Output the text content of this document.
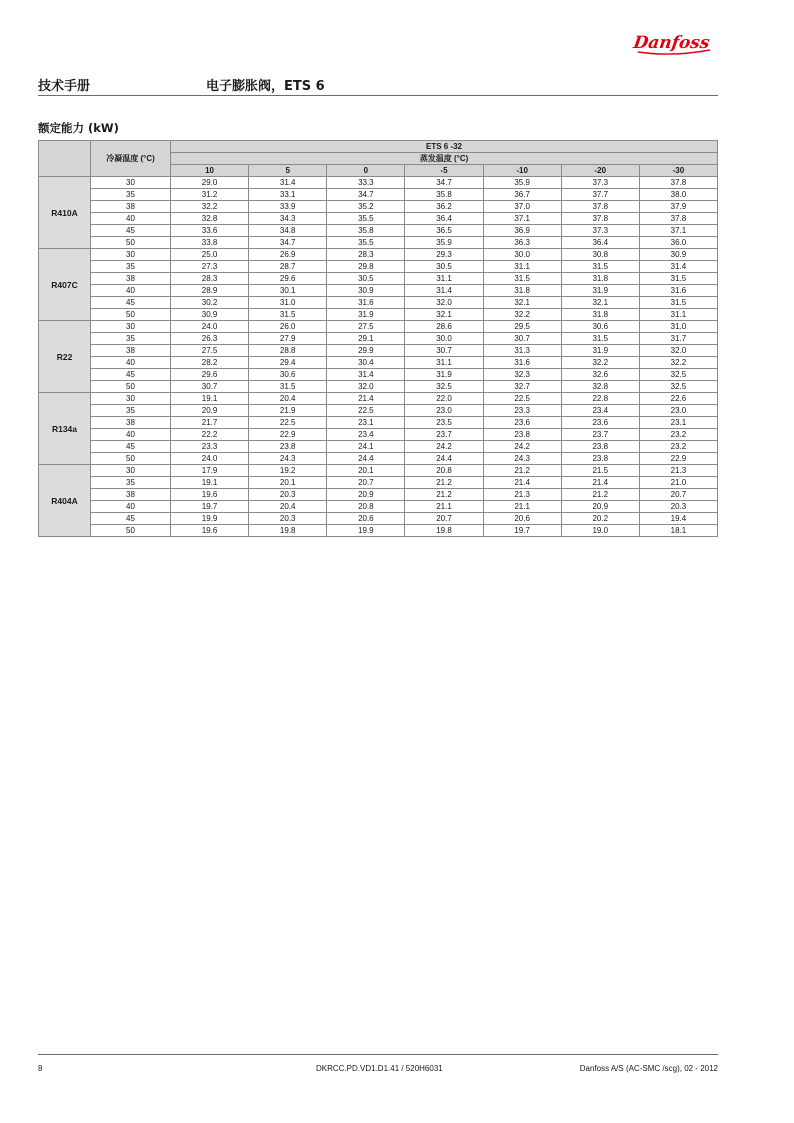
Danfoss
技术手册	电子膨胀阀，ETS 6
额定能力 (kW)
	冷凝温度 (°C)	ETS 6 -32						
		蒸发温度 (°C)						
		10	5	0	-5	-10	-20	-30
R410A	30	29.0	31.4	33.3	34.7	35.9	37.3	37.8
	35	31.2	33.1	34.7	35.8	36.7	37.7	38.0
	38	32.2	33.9	35.2	36.2	37.0	37.8	37.9
	40	32.8	34.3	35.5	36.4	37.1	37.8	37.8
	45	33.6	34.8	35.8	36.5	36.9	37.3	37.1
	50	33.8	34.7	35.5	35.9	36.3	36.4	36.0
R407C	30	25.0	26.9	28.3	29.3	30.0	30.8	30.9
	35	27.3	28.7	29.8	30.5	31.1	31.5	31.4
	38	28.3	29.6	30.5	31.1	31.5	31.8	31.5
	40	28.9	30.1	30.9	31.4	31.8	31.9	31.6
	45	30.2	31.0	31.6	32.0	32.1	32.1	31.5
	50	30.9	31.5	31.9	32.1	32.2	31.8	31.1
R22	30	24.0	26.0	27.5	28.6	29.5	30.6	31.0
	35	26.3	27.9	29.1	30.0	30.7	31.5	31.7
	38	27.5	28.8	29.9	30.7	31.3	31.9	32.0
	40	28.2	29.4	30.4	31.1	31.6	32.2	32.2
	45	29.6	30.6	31.4	31.9	32.3	32.6	32.5
	50	30.7	31.5	32.0	32.5	32.7	32.8	32.5
R134a	30	19.1	20.4	21.4	22.0	22.5	22.8	22.6
	35	20.9	21.9	22.5	23.0	23.3	23.4	23.0
	38	21.7	22.5	23.1	23.5	23.6	23.6	23.1
	40	22.2	22.9	23.4	23.7	23.8	23.7	23.2
	45	23.3	23.8	24.1	24.2	24.2	23.8	23.2
	50	24.0	24.3	24.4	24.4	24.3	23.8	22.9
R404A	30	17.9	19.2	20.1	20.8	21.2	21.5	21.3
	35	19.1	20.1	20.7	21.2	21.4	21.4	21.0
	38	19.6	20.3	20.9	21.2	21.3	21.2	20.7
	40	19.7	20.4	20.8	21.1	21.1	20.9	20.3
	45	19.9	20.3	20.6	20.7	20.6	20.2	19.4
	50	19.6	19.8	19.9	19.8	19.7	19.0	18.1
8	DKRCC.PD.VD1.D1.41 / 520H6031	Danfoss A/S (AC-SMC /scg), 02 - 2012
